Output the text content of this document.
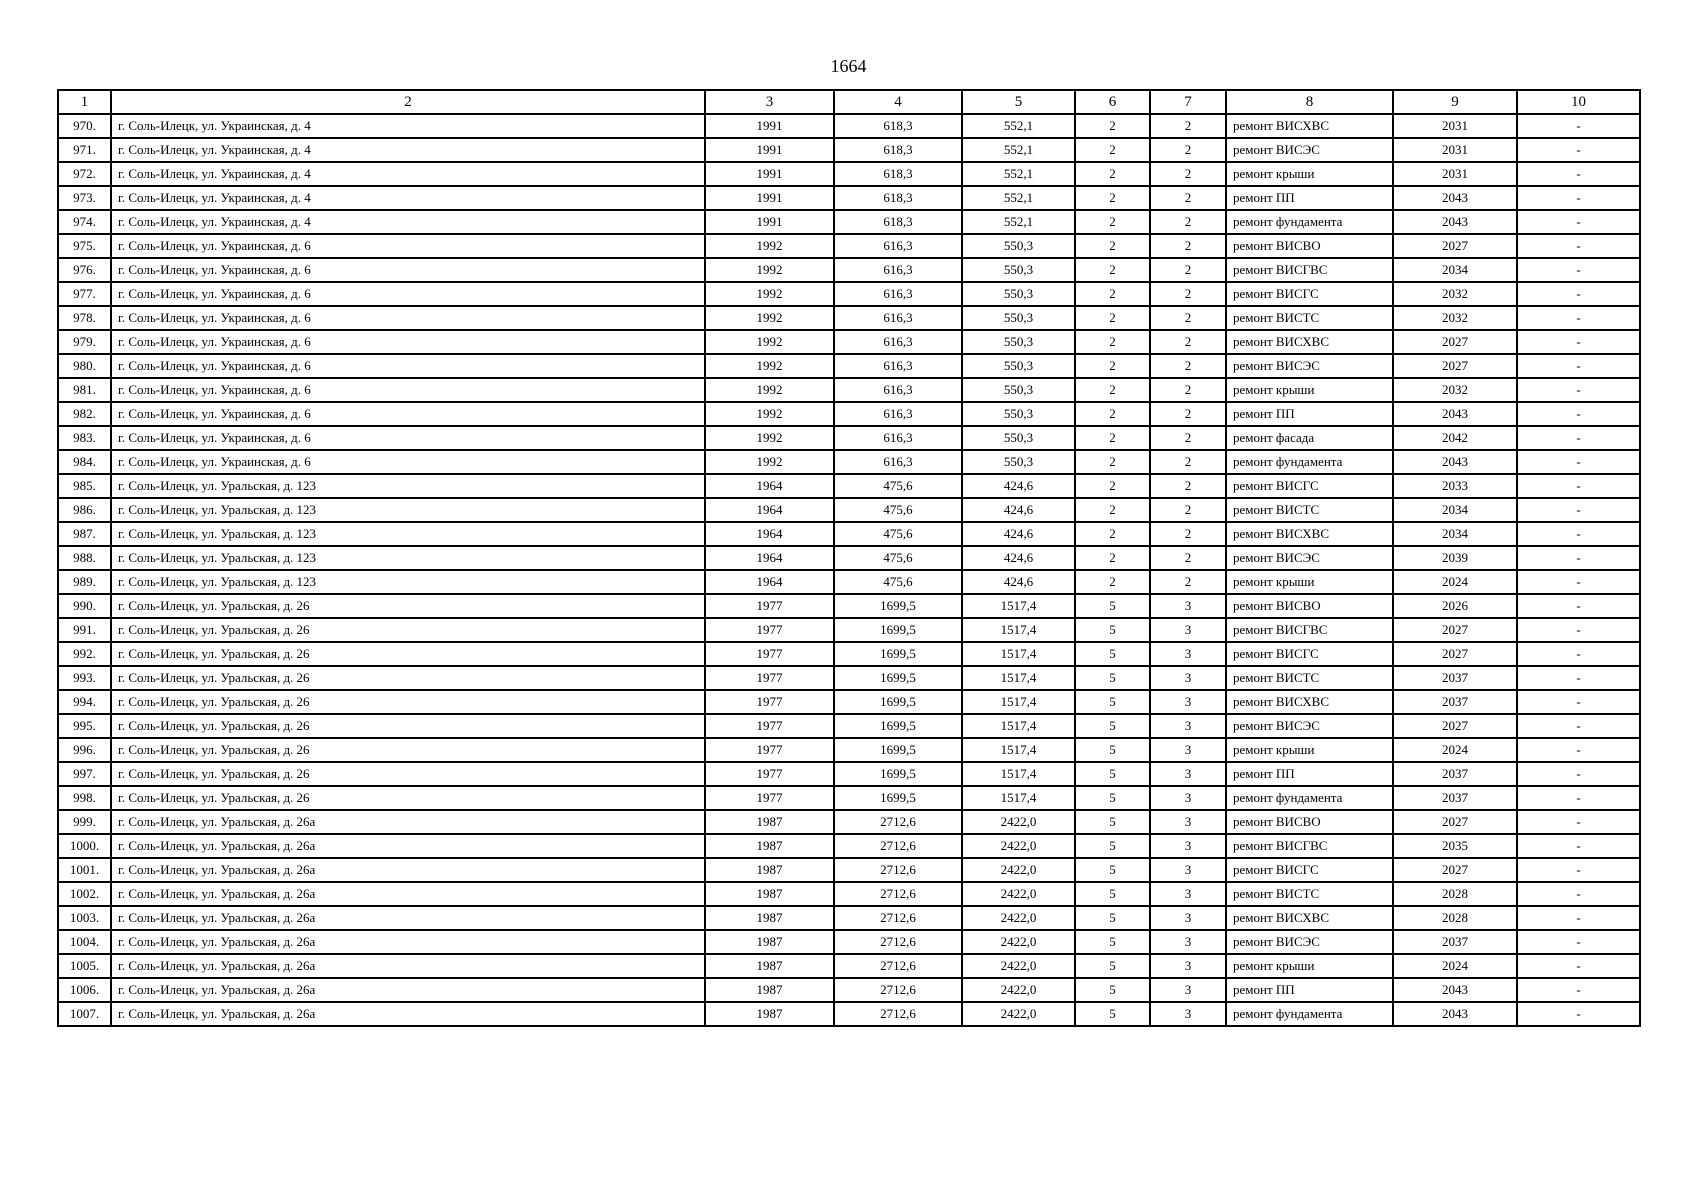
1664
1	2	3	4	5	6	7	8	9	10
970.	г. Соль-Илецк, ул. Украинская, д. 4	1991	618,3	552,1	2	2	ремонт ВИСХВС	2031	-
971.	г. Соль-Илецк, ул. Украинская, д. 4	1991	618,3	552,1	2	2	ремонт ВИСЭС	2031	-
972.	г. Соль-Илецк, ул. Украинская, д. 4	1991	618,3	552,1	2	2	ремонт крыши	2031	-
973.	г. Соль-Илецк, ул. Украинская, д. 4	1991	618,3	552,1	2	2	ремонт ПП	2043	-
974.	г. Соль-Илецк, ул. Украинская, д. 4	1991	618,3	552,1	2	2	ремонт фундамента	2043	-
975.	г. Соль-Илецк, ул. Украинская, д. 6	1992	616,3	550,3	2	2	ремонт ВИСВО	2027	-
976.	г. Соль-Илецк, ул. Украинская, д. 6	1992	616,3	550,3	2	2	ремонт ВИСГВС	2034	-
977.	г. Соль-Илецк, ул. Украинская, д. 6	1992	616,3	550,3	2	2	ремонт ВИСГС	2032	-
978.	г. Соль-Илецк, ул. Украинская, д. 6	1992	616,3	550,3	2	2	ремонт ВИСТС	2032	-
979.	г. Соль-Илецк, ул. Украинская, д. 6	1992	616,3	550,3	2	2	ремонт ВИСХВС	2027	-
980.	г. Соль-Илецк, ул. Украинская, д. 6	1992	616,3	550,3	2	2	ремонт ВИСЭС	2027	-
981.	г. Соль-Илецк, ул. Украинская, д. 6	1992	616,3	550,3	2	2	ремонт крыши	2032	-
982.	г. Соль-Илецк, ул. Украинская, д. 6	1992	616,3	550,3	2	2	ремонт ПП	2043	-
983.	г. Соль-Илецк, ул. Украинская, д. 6	1992	616,3	550,3	2	2	ремонт фасада	2042	-
984.	г. Соль-Илецк, ул. Украинская, д. 6	1992	616,3	550,3	2	2	ремонт фундамента	2043	-
985.	г. Соль-Илецк, ул. Уральская, д. 123	1964	475,6	424,6	2	2	ремонт ВИСГС	2033	-
986.	г. Соль-Илецк, ул. Уральская, д. 123	1964	475,6	424,6	2	2	ремонт ВИСТС	2034	-
987.	г. Соль-Илецк, ул. Уральская, д. 123	1964	475,6	424,6	2	2	ремонт ВИСХВС	2034	-
988.	г. Соль-Илецк, ул. Уральская, д. 123	1964	475,6	424,6	2	2	ремонт ВИСЭС	2039	-
989.	г. Соль-Илецк, ул. Уральская, д. 123	1964	475,6	424,6	2	2	ремонт крыши	2024	-
990.	г. Соль-Илецк, ул. Уральская, д. 26	1977	1699,5	1517,4	5	3	ремонт ВИСВО	2026	-
991.	г. Соль-Илецк, ул. Уральская, д. 26	1977	1699,5	1517,4	5	3	ремонт ВИСГВС	2027	-
992.	г. Соль-Илецк, ул. Уральская, д. 26	1977	1699,5	1517,4	5	3	ремонт ВИСГС	2027	-
993.	г. Соль-Илецк, ул. Уральская, д. 26	1977	1699,5	1517,4	5	3	ремонт ВИСТС	2037	-
994.	г. Соль-Илецк, ул. Уральская, д. 26	1977	1699,5	1517,4	5	3	ремонт ВИСХВС	2037	-
995.	г. Соль-Илецк, ул. Уральская, д. 26	1977	1699,5	1517,4	5	3	ремонт ВИСЭС	2027	-
996.	г. Соль-Илецк, ул. Уральская, д. 26	1977	1699,5	1517,4	5	3	ремонт крыши	2024	-
997.	г. Соль-Илецк, ул. Уральская, д. 26	1977	1699,5	1517,4	5	3	ремонт ПП	2037	-
998.	г. Соль-Илецк, ул. Уральская, д. 26	1977	1699,5	1517,4	5	3	ремонт фундамента	2037	-
999.	г. Соль-Илецк, ул. Уральская, д. 26а	1987	2712,6	2422,0	5	3	ремонт ВИСВО	2027	-
1000.	г. Соль-Илецк, ул. Уральская, д. 26а	1987	2712,6	2422,0	5	3	ремонт ВИСГВС	2035	-
1001.	г. Соль-Илецк, ул. Уральская, д. 26а	1987	2712,6	2422,0	5	3	ремонт ВИСГС	2027	-
1002.	г. Соль-Илецк, ул. Уральская, д. 26а	1987	2712,6	2422,0	5	3	ремонт ВИСТС	2028	-
1003.	г. Соль-Илецк, ул. Уральская, д. 26а	1987	2712,6	2422,0	5	3	ремонт ВИСХВС	2028	-
1004.	г. Соль-Илецк, ул. Уральская, д. 26а	1987	2712,6	2422,0	5	3	ремонт ВИСЭС	2037	-
1005.	г. Соль-Илецк, ул. Уральская, д. 26а	1987	2712,6	2422,0	5	3	ремонт крыши	2024	-
1006.	г. Соль-Илецк, ул. Уральская, д. 26а	1987	2712,6	2422,0	5	3	ремонт ПП	2043	-
1007.	г. Соль-Илецк, ул. Уральская, д. 26а	1987	2712,6	2422,0	5	3	ремонт фундамента	2043	-
